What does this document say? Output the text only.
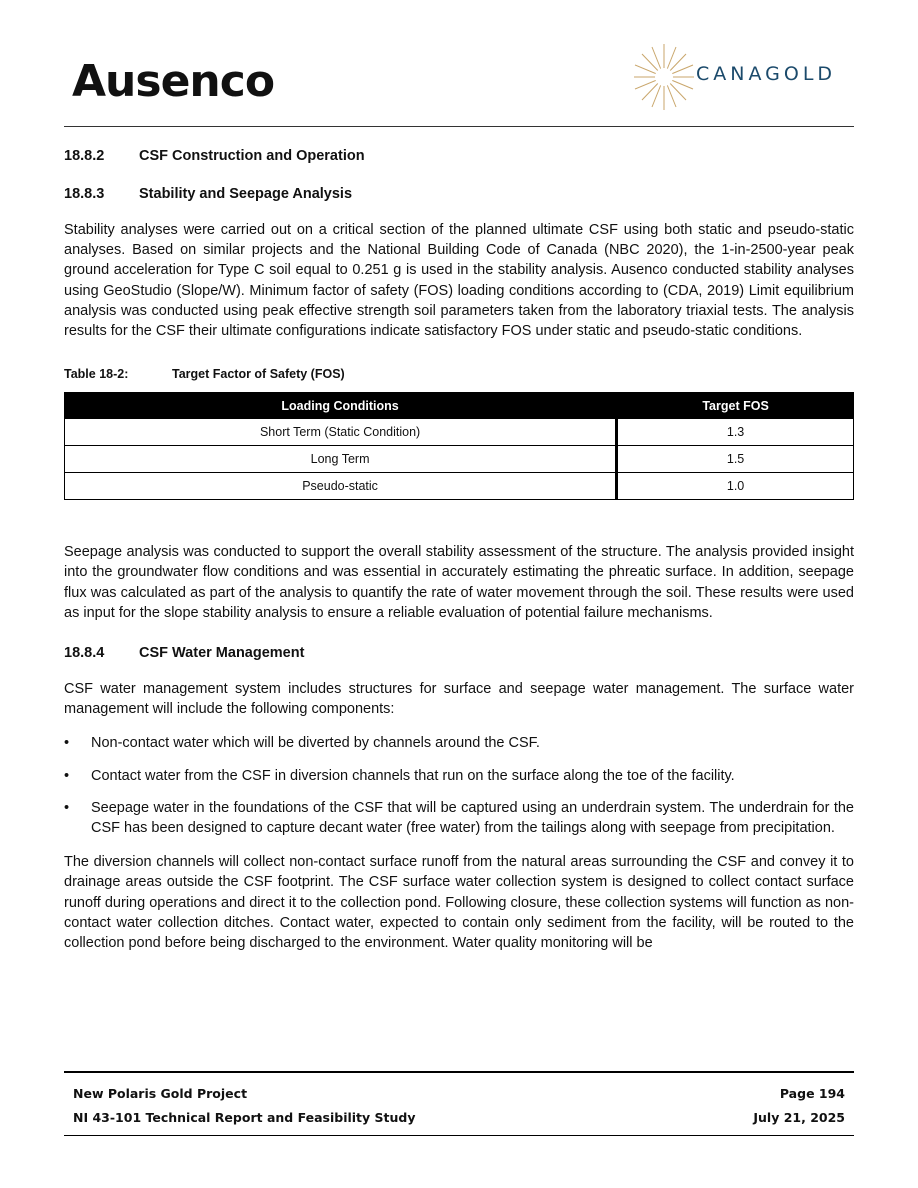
Ausenco	CANAGOLD
18.8.2	CSF Construction and Operation
18.8.3	Stability and Seepage Analysis

Stability analyses were carried out on a critical section of the planned ultimate CSF using both static and pseudo-static analyses. Based on similar projects and the National Building Code of Canada (NBC 2020), the 1-in-2500-year peak ground acceleration for Type C soil equal to 0.251 g is used in the stability analysis. Ausenco conducted stability analyses using GeoStudio (Slope/W). Minimum factor of safety (FOS) loading conditions according to (CDA, 2019) Limit equilibrium analysis was conducted using peak effective strength soil parameters taken from the laboratory triaxial tests. The analysis results for the CSF their ultimate configurations indicate satisfactory FOS under static and pseudo-static conditions.

Table 18-2:	Target Factor of Safety (FOS)
Loading Conditions	Target FOS
Short Term (Static Condition)	1.3
Long Term	1.5
Pseudo-static	1.0

Seepage analysis was conducted to support the overall stability assessment of the structure. The analysis provided insight into the groundwater flow conditions and was essential in accurately estimating the phreatic surface. In addition, seepage flux was calculated as part of the analysis to quantify the rate of water movement through the soil. These results were used as input for the slope stability analysis to ensure a reliable evaluation of potential failure mechanisms.

18.8.4	CSF Water Management

CSF water management system includes structures for surface and seepage water management. The surface water management will include the following components:

•	Non-contact water which will be diverted by channels around the CSF.
•	Contact water from the CSF in diversion channels that run on the surface along the toe of the facility.
•	Seepage water in the foundations of the CSF that will be captured using an underdrain system. The underdrain for the CSF has been designed to capture decant water (free water) from the tailings along with seepage from precipitation.

The diversion channels will collect non-contact surface runoff from the natural areas surrounding the CSF and convey it to drainage areas outside the CSF footprint. The CSF surface water collection system is designed to collect contact surface runoff during operations and direct it to the collection pond. Following closure, these collection systems will function as non-contact water collection ditches. Contact water, expected to contain only sediment from the facility, will be routed to the collection pond before being discharged to the environment. Water quality monitoring will be

New Polaris Gold Project	Page 194
NI 43-101 Technical Report and Feasibility Study	July 21, 2025
